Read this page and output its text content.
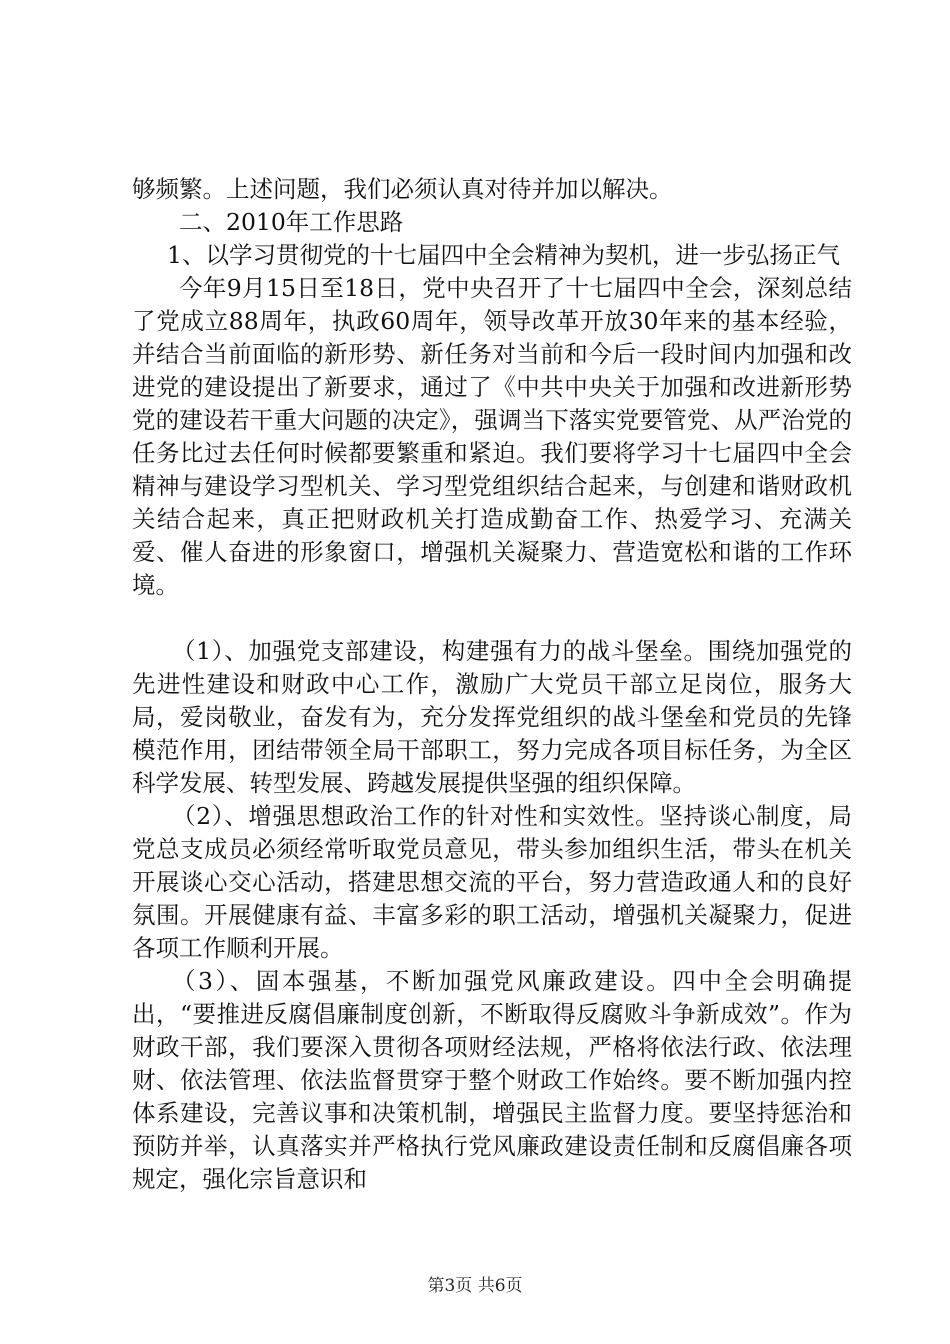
够频繁。上述问题，我们必须认真对待并加以解决。

二、2010年工作思路

1、以学习贯彻党的十七届四中全会精神为契机，进一步弘扬正气

今年9月15日至18日，党中央召开了十七届四中全会，深刻总结了党成立88周年，执政60周年，领导改革开放30年来的基本经验，并结合当前面临的新形势、新任务对当前和今后一段时间内加强和改进党的建设提出了新要求，通过了《中共中央关于加强和改进新形势党的建设若干重大问题的决定》，强调当下落实党要管党、从严治党的任务比过去任何时候都要繁重和紧迫。我们要将学习十七届四中全会精神与建设学习型机关、学习型党组织结合起来，与创建和谐财政机关结合起来，真正把财政机关打造成勤奋工作、热爱学习、充满关爱、催人奋进的形象窗口，增强机关凝聚力、营造宽松和谐的工作环境。

（1）、加强党支部建设，构建强有力的战斗堡垒。围绕加强党的先进性建设和财政中心工作，激励广大党员干部立足岗位，服务大局，爱岗敬业，奋发有为，充分发挥党组织的战斗堡垒和党员的先锋模范作用，团结带领全局干部职工，努力完成各项目标任务，为全区科学发展、转型发展、跨越发展提供坚强的组织保障。

（2）、增强思想政治工作的针对性和实效性。坚持谈心制度，局党总支成员必须经常听取党员意见，带头参加组织生活，带头在机关开展谈心交心活动，搭建思想交流的平台，努力营造政通人和的良好氛围。开展健康有益、丰富多彩的职工活动，增强机关凝聚力，促进各项工作顺利开展。

（3）、固本强基，不断加强党风廉政建设。四中全会明确提出，“要推进反腐倡廉制度创新，不断取得反腐败斗争新成效”。作为财政干部，我们要深入贯彻各项财经法规，严格将依法行政、依法理财、依法管理、依法监督贯穿于整个财政工作始终。要不断加强内控体系建设，完善议事和决策机制，增强民主监督力度。要坚持惩治和预防并举，认真落实并严格执行党风廉政建设责任制和反腐倡廉各项规定，强化宗旨意识和

第3页 共6页
